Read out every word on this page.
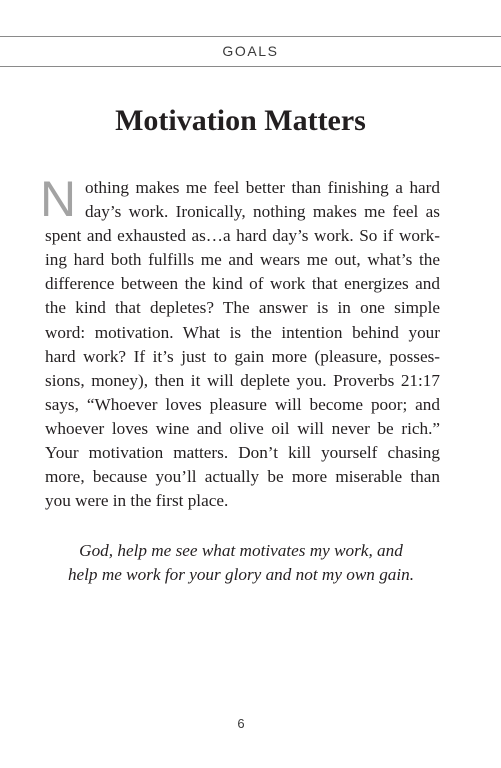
GOALS
Motivation Matters
N othing makes me feel better than finishing a hard
day’s work. Ironically, nothing makes me feel as
spent and exhausted as…a hard day’s work. So if work-
ing hard both fulfills me and wears me out, what’s the
difference between the kind of work that energizes and
the kind that depletes? The answer is in one simple
word: motivation. What is the intention behind your
hard work? If it’s just to gain more (pleasure, posses-
sions, money), then it will deplete you. Proverbs 21:17
says, “Whoever loves pleasure will become poor; and
whoever loves wine and olive oil will never be rich.”
Your motivation matters. Don’t kill yourself chasing
more, because you’ll actually be more miserable than
you were in the first place.
God, help me see what motivates my work, and
help me work for your glory and not my own gain.
6
